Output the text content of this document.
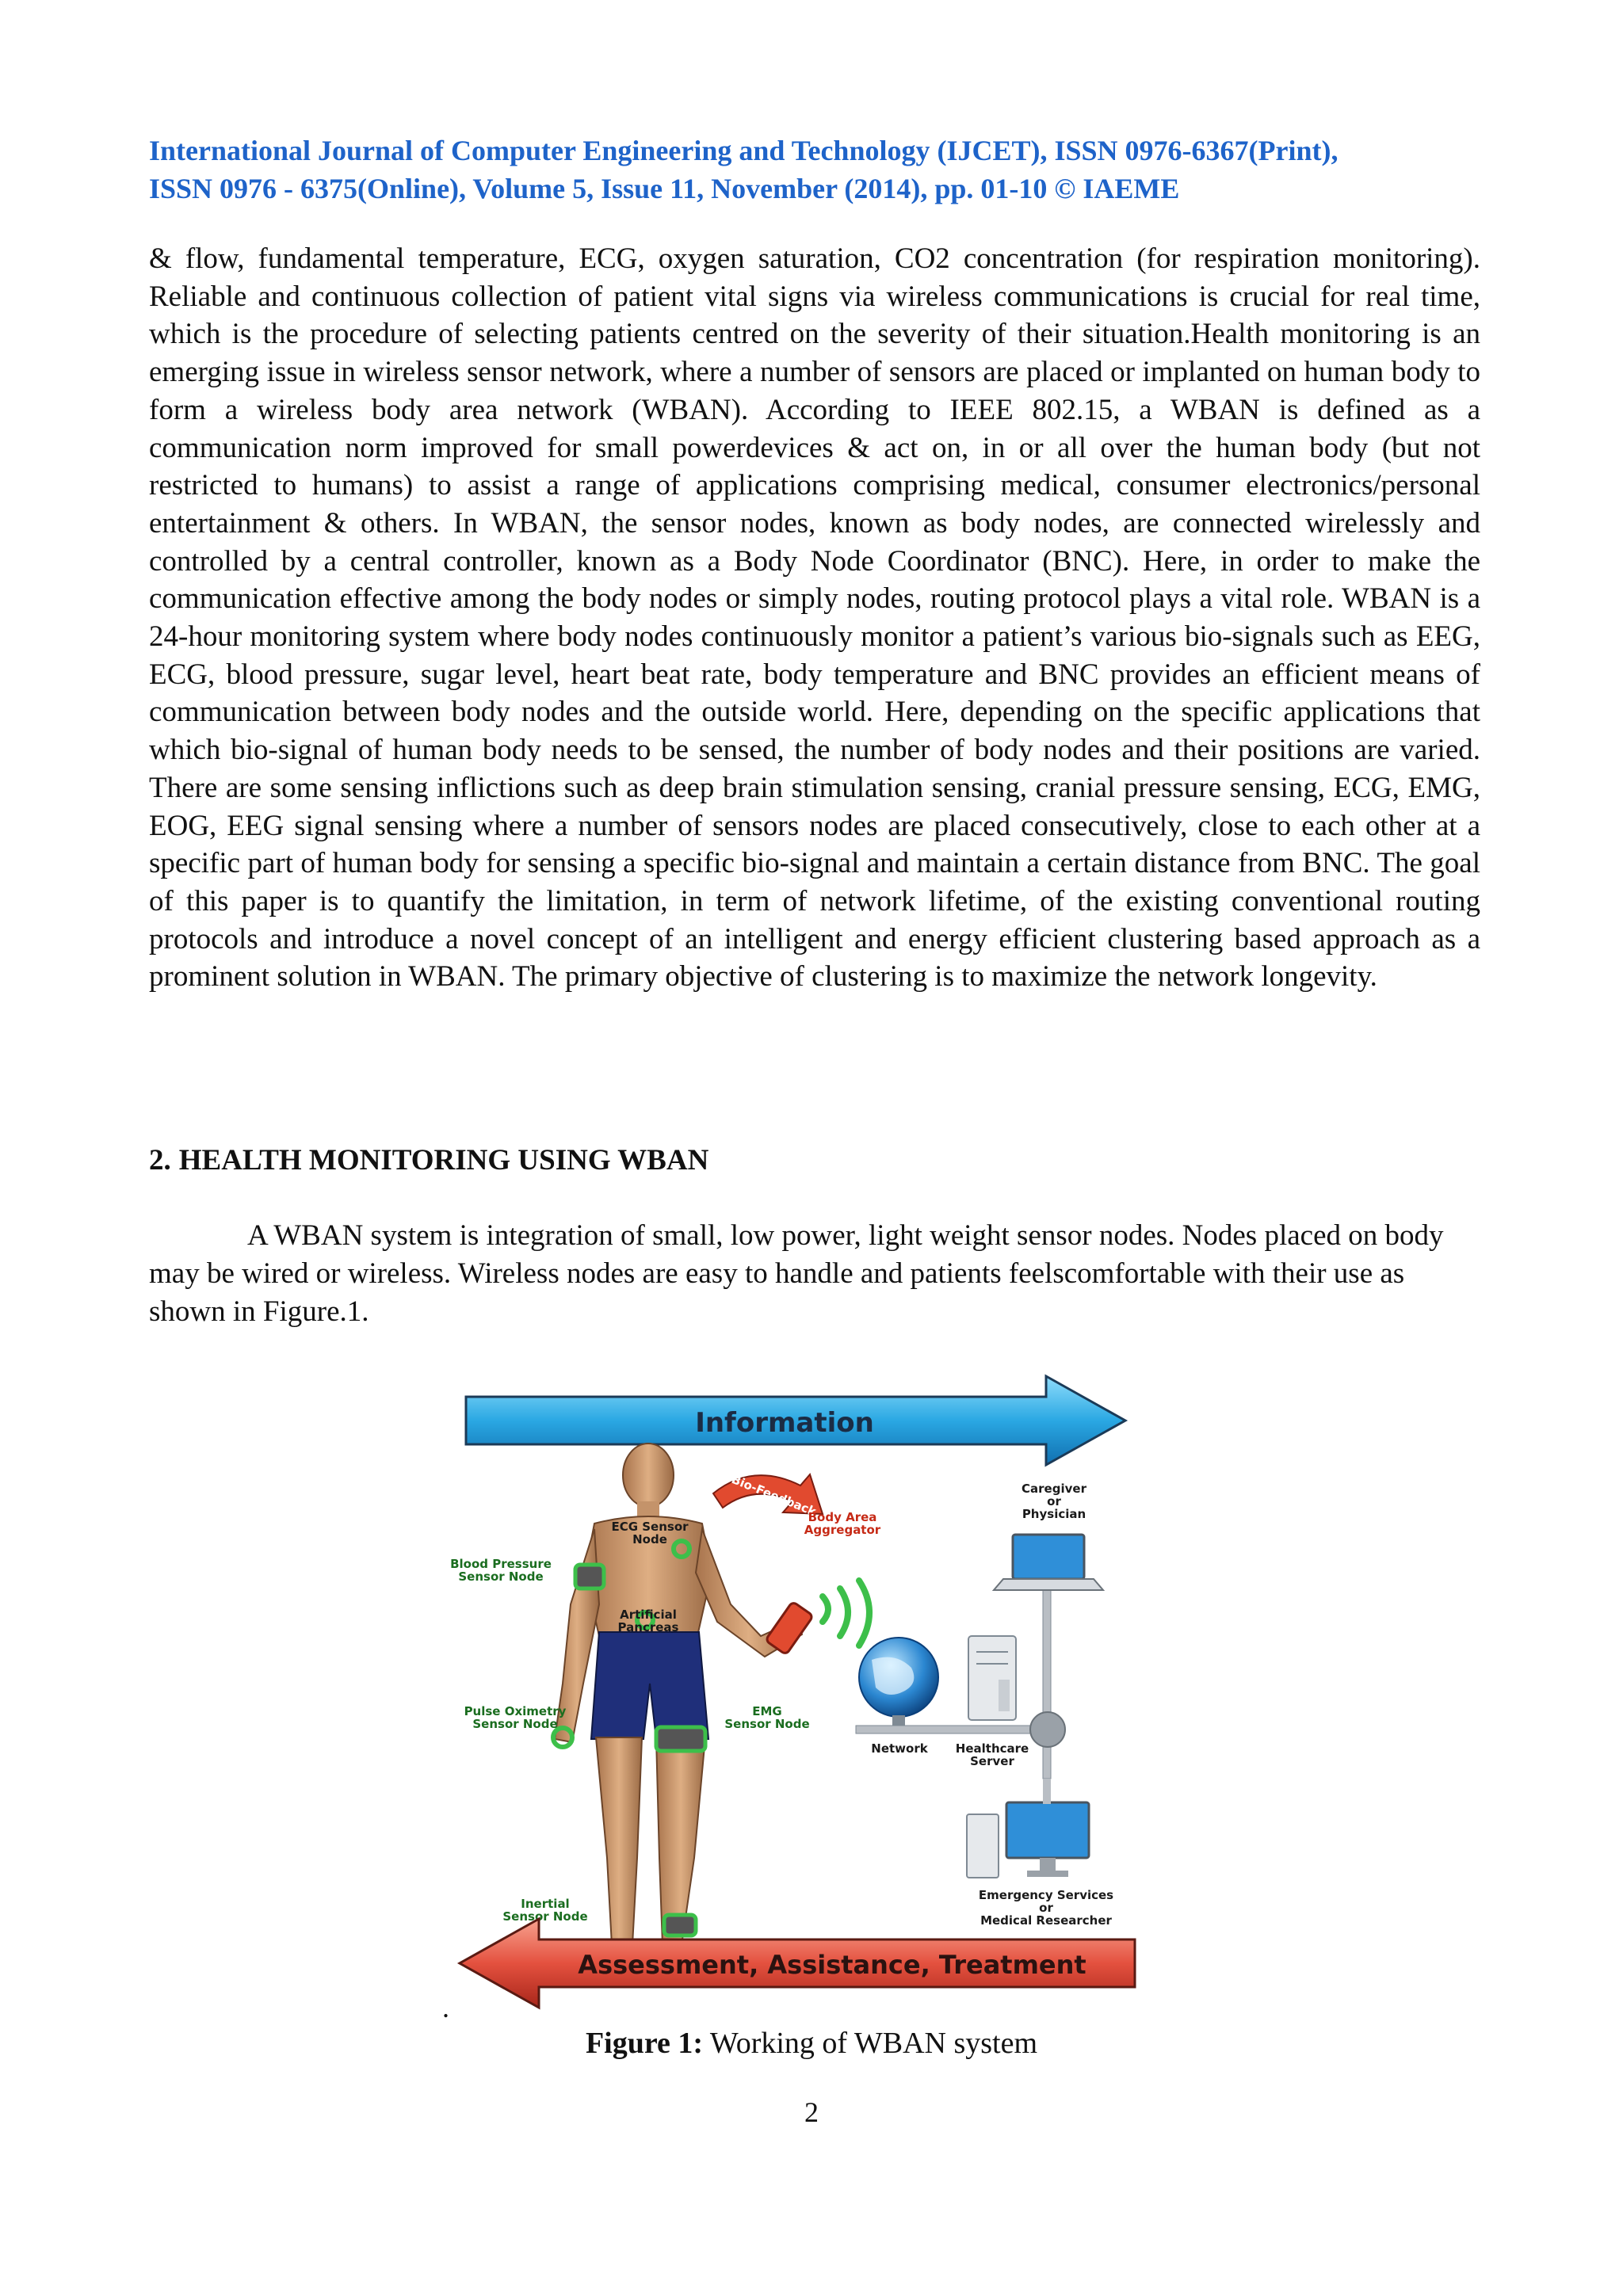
International Journal of Computer Engineering and Technology (IJCET), ISSN 0976-6367(Print),
ISSN 0976 - 6375(Online), Volume 5, Issue 11, November (2014), pp. 01-10 © IAEME

& flow, fundamental temperature, ECG, oxygen saturation, CO2 concentration (for respiration monitoring). Reliable and continuous collection of patient vital signs via wireless communications is crucial for real time, which is the procedure of selecting patients centred on the severity of their situation.Health monitoring is an emerging issue in wireless sensor network, where a number of sensors are placed or implanted on human body to form a wireless body area network (WBAN). According to IEEE 802.15, a WBAN is defined as a communication norm improved for small powerdevices & act on, in or all over the human body (but not restricted to humans) to assist a range of applications comprising medical, consumer electronics/personal entertainment & others. In WBAN, the sensor nodes, known as body nodes, are connected wirelessly and controlled by a central controller, known as a Body Node Coordinator (BNC). Here, in order to make the communication effective among the body nodes or simply nodes, routing protocol plays a vital role. WBAN is a 24-hour monitoring system where body nodes continuously monitor a patient’s various bio-signals such as EEG, ECG, blood pressure, sugar level, heart beat rate, body temperature and BNC provides an efficient means of communication between body nodes and the outside world. Here, depending on the specific applications that which bio-signal of human body needs to be sensed, the number of body nodes and their positions are varied. There are some sensing inflictions such as deep brain stimulation sensing, cranial pressure sensing, ECG, EMG, EOG, EEG signal sensing where a number of sensors nodes are placed consecutively, close to each other at a specific part of human body for sensing a specific bio-signal and maintain a certain distance from BNC. The goal of this paper is to quantify the limitation, in term of network lifetime, of the existing conventional routing protocols and introduce a novel concept of an intelligent and energy efficient clustering based approach as a prominent solution in WBAN. The primary objective of clustering is to maximize the network longevity.

2. HEALTH MONITORING USING WBAN

A WBAN system is integration of small, low power, light weight sensor nodes. Nodes placed on body may be wired or wireless. Wireless nodes are easy to handle and patients feelscomfortable with their use as shown in Figure.1.

Information
Bio-Feedback
ECG Sensor
Node
Blood Pressure
Sensor Node
Body Area
Aggregator
Artificial
Pancreas
Pulse Oximetry
Sensor Node
EMG
Sensor Node
Inertial
Sensor Node
Caregiver
or
Physician
Network Healthcare
Server
Emergency Services
or
Medical Researcher
Assessment, Assistance, Treatment
.
Figure 1: Working of WBAN system
2
